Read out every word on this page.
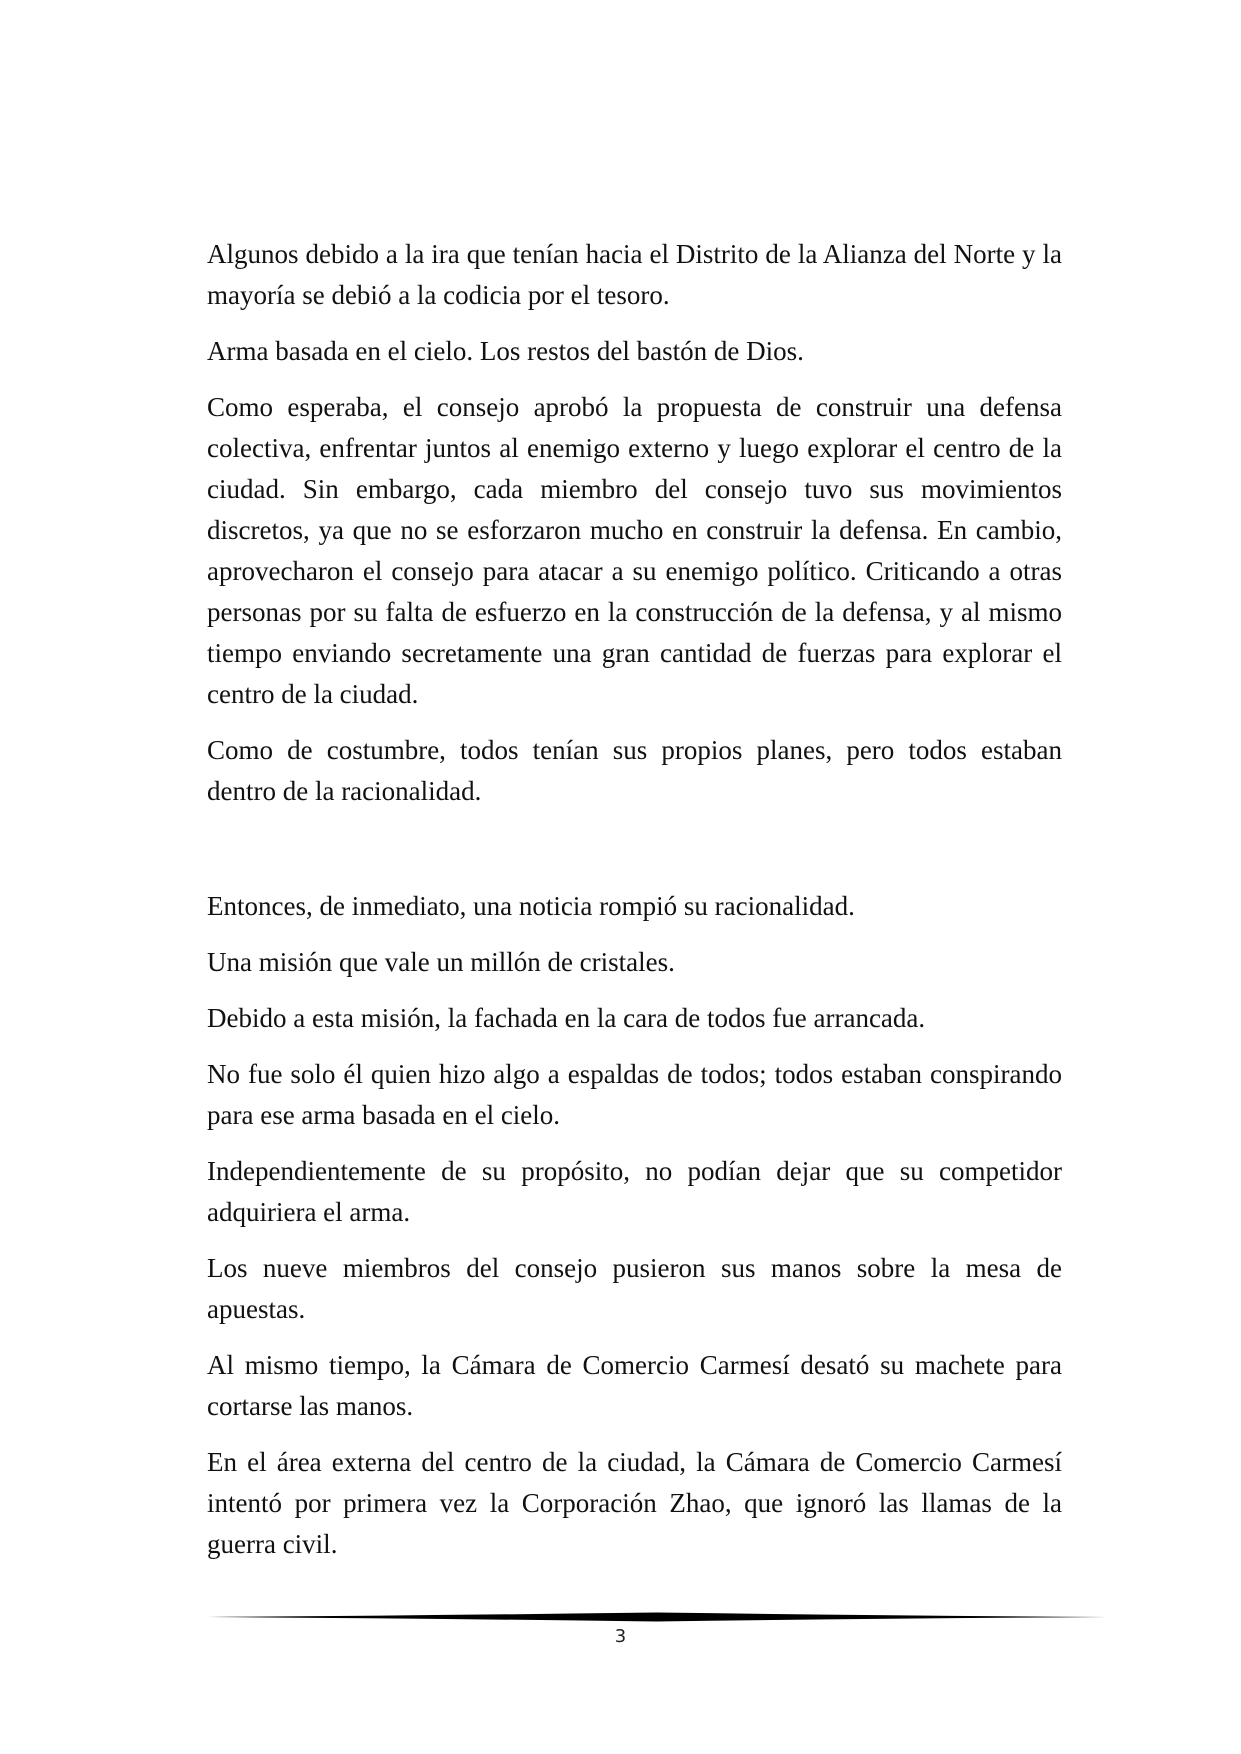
Algunos debido a la ira que tenían hacia el Distrito de la Alianza del Norte y la mayoría se debió a la codicia por el tesoro.

Arma basada en el cielo. Los restos del bastón de Dios.

Como esperaba, el consejo aprobó la propuesta de construir una defensa colectiva, enfrentar juntos al enemigo externo y luego explorar el centro de la ciudad. Sin embargo, cada miembro del consejo tuvo sus movimientos discretos, ya que no se esforzaron mucho en construir la defensa. En cambio, aprovecharon el consejo para atacar a su enemigo político. Criticando a otras personas por su falta de esfuerzo en la construcción de la defensa, y al mismo tiempo enviando secretamente una gran cantidad de fuerzas para explorar el centro de la ciudad.

Como de costumbre, todos tenían sus propios planes, pero todos estaban dentro de la racionalidad.

Entonces, de inmediato, una noticia rompió su racionalidad.

Una misión que vale un millón de cristales.

Debido a esta misión, la fachada en la cara de todos fue arrancada.

No fue solo él quien hizo algo a espaldas de todos; todos estaban conspirando para ese arma basada en el cielo.

Independientemente de su propósito, no podían dejar que su competidor adquiriera el arma.

Los nueve miembros del consejo pusieron sus manos sobre la mesa de apuestas.

Al mismo tiempo, la Cámara de Comercio Carmesí desató su machete para cortarse las manos.

En el área externa del centro de la ciudad, la Cámara de Comercio Carmesí intentó por primera vez la Corporación Zhao, que ignoró las llamas de la guerra civil.

3
